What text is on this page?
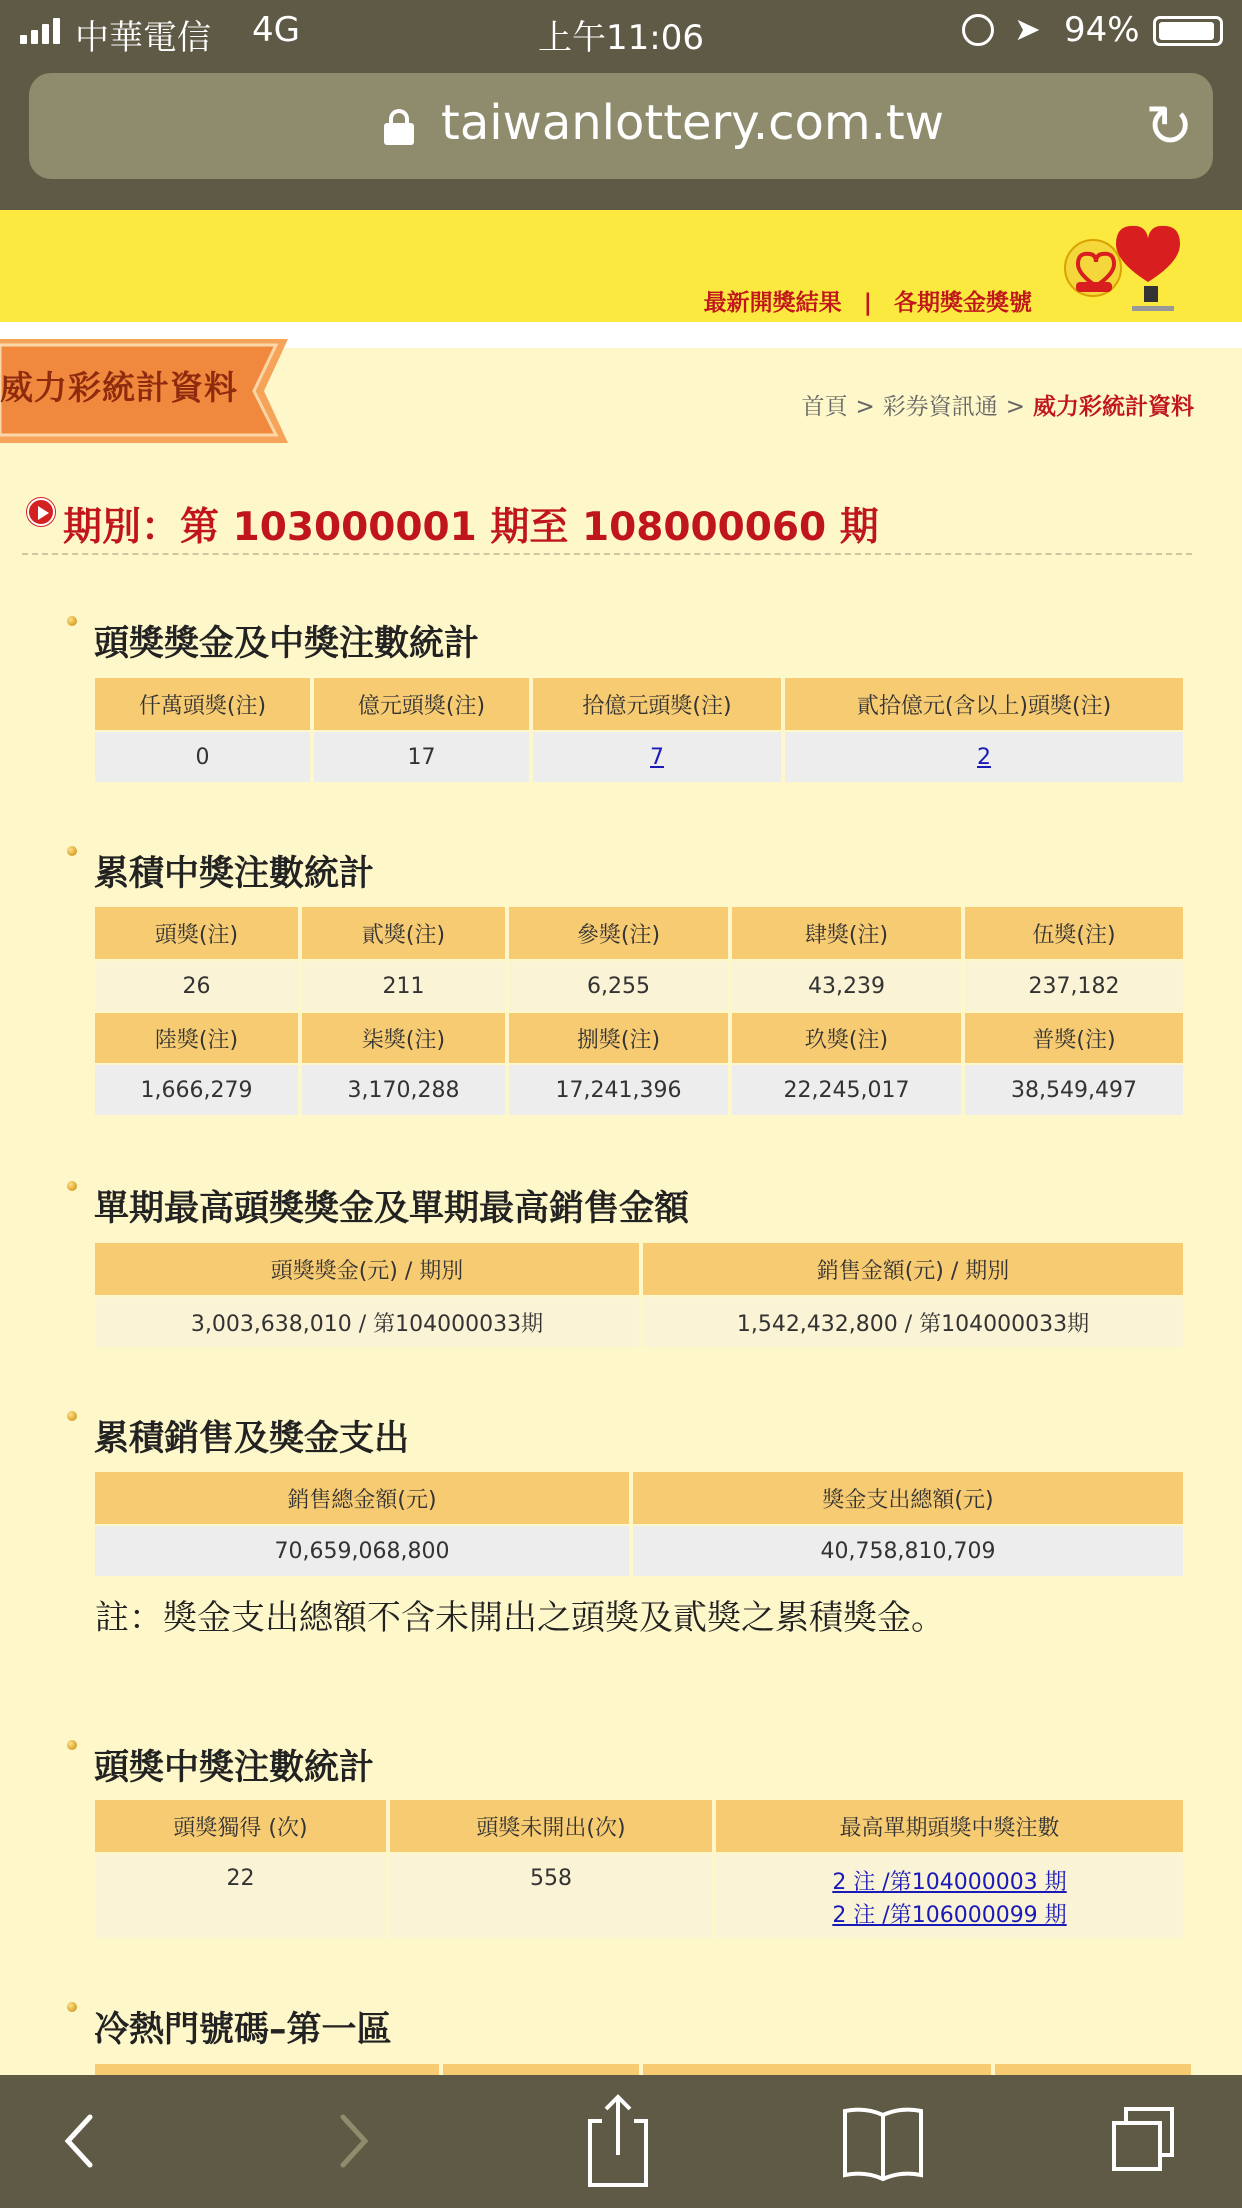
中華電信 4G	上午11:06	➤ 94%
taiwanlottery.com.tw	↻
最新開獎結果 | 各期獎金獎號
威力彩統計資料	首頁 > 彩券資訊通 > 威力彩統計資料
期別：第 103000001 期至 108000060 期
頭獎獎金及中獎注數統計
仟萬頭獎(注)	億元頭獎(注)	拾億元頭獎(注)	貳拾億元(含以上)頭獎(注)
0	17	7	2
累積中獎注數統計
頭獎(注)	貳獎(注)	參獎(注)	肆獎(注)	伍獎(注)
26	211	6,255	43,239	237,182
陸獎(注)	柒獎(注)	捌獎(注)	玖獎(注)	普獎(注)
1,666,279	3,170,288	17,241,396	22,245,017	38,549,497
單期最高頭獎獎金及單期最高銷售金額
頭獎獎金(元) / 期別	銷售金額(元) / 期別
3,003,638,010 / 第104000033期	1,542,432,800 / 第104000033期
累積銷售及獎金支出
銷售總金額(元)	獎金支出總額(元)
70,659,068,800	40,758,810,709
註：獎金支出總額不含未開出之頭獎及貳獎之累積獎金。
頭獎中獎注數統計
頭獎獨得 (次)	頭獎未開出(次)	最高單期頭獎中獎注數
22	558	2 注 /第104000003 期
2 注 /第106000099 期
冷熱門號碼–第一區
